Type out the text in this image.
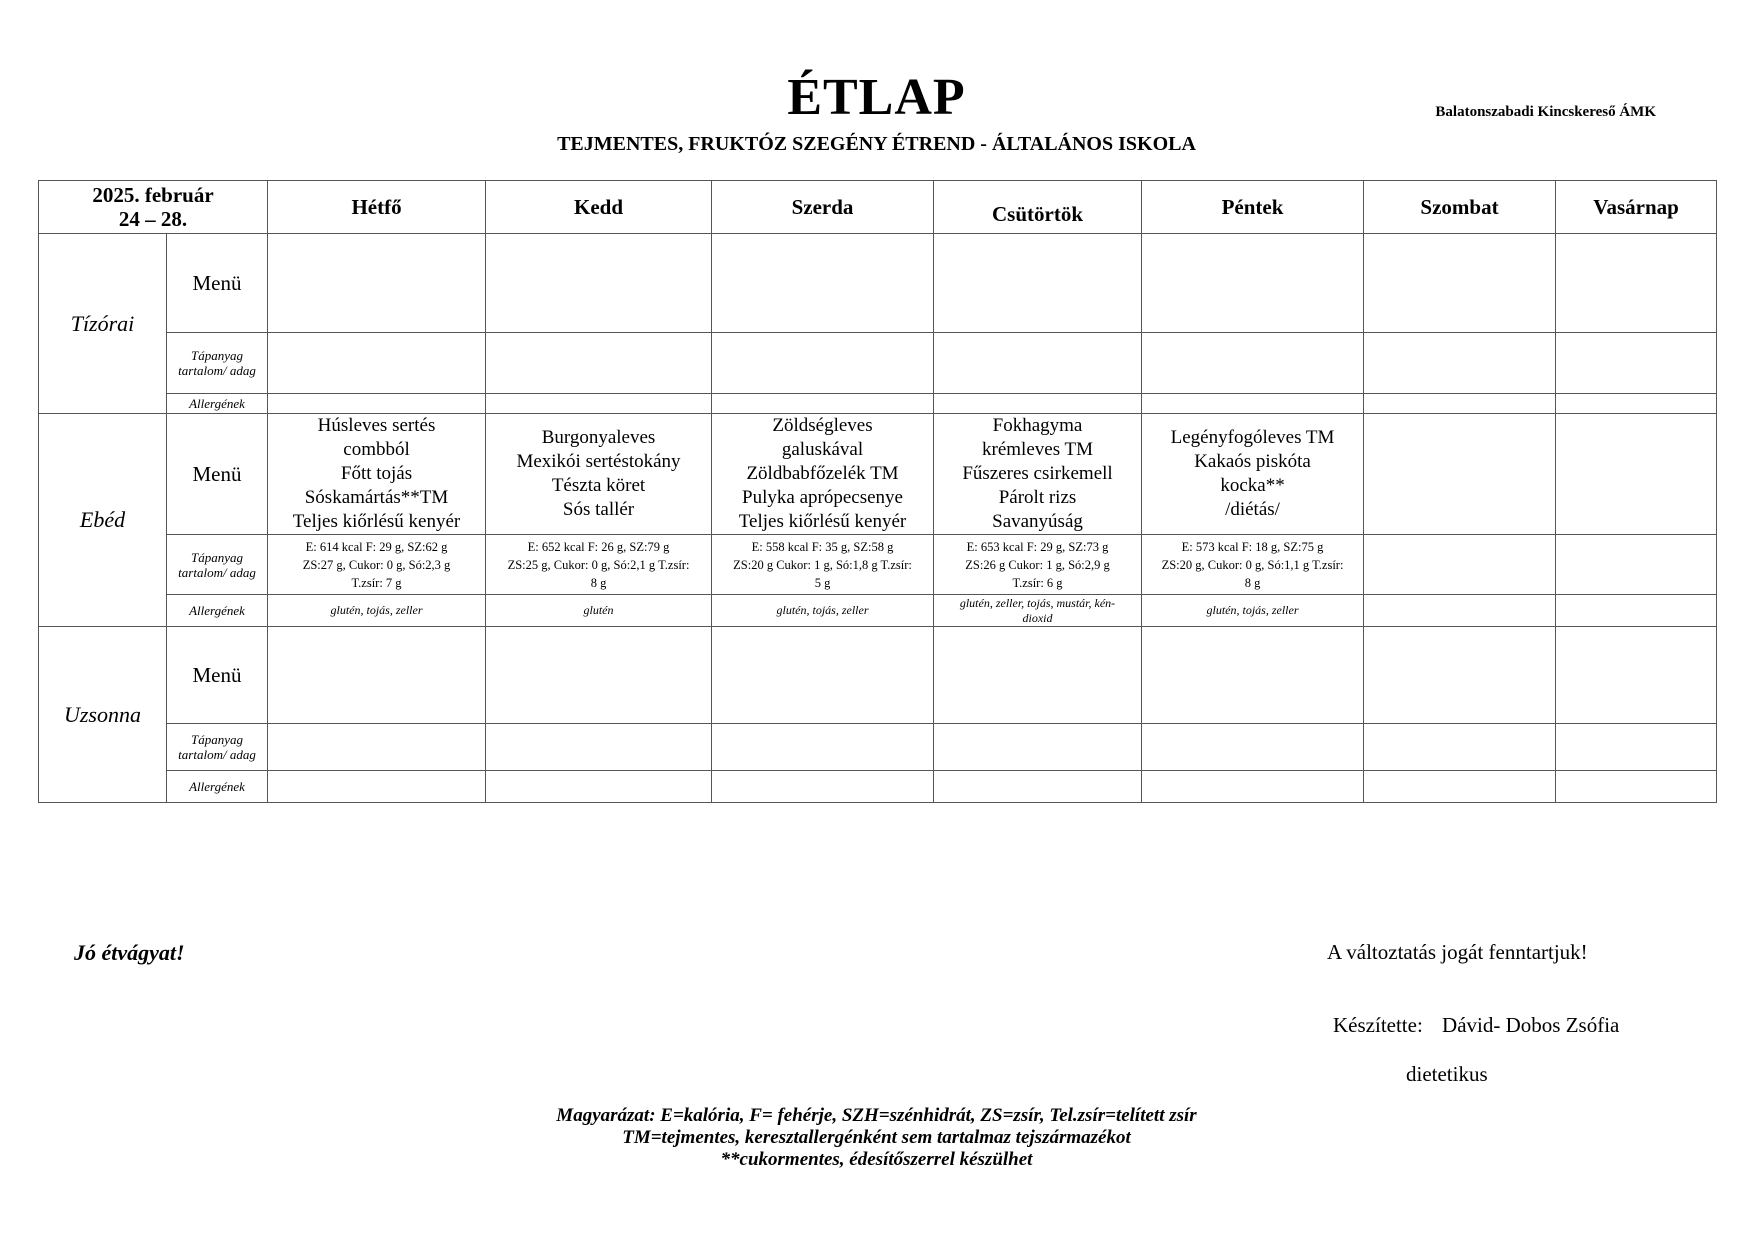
ÉTLAP	Balatonszabadi Kincskereső ÁMK
TEJMENTES, FRUKTÓZ SZEGÉNY ÉTREND - ÁLTALÁNOS ISKOLA
2025. február
24 – 28.		Hétfő	Kedd	Szerda	Csütörtök	Péntek	Szombat	Vasárnap
Tízórai	Menü							
	Tápanyag tartalom/ adag							
	Allergének							
Ebéd	Menü	Húsleves sertés
combból
Főtt tojás
Sóskamártás**TM
Teljes kiőrlésű kenyér	Burgonyaleves
Mexikói sertéstokány
Tészta köret
Sós tallér	Zöldségleves
galuskával
Zöldbabfőzelék TM
Pulyka aprópecsenye
Teljes kiőrlésű kenyér	Fokhagyma
krémleves TM
Fűszeres csirkemell
Párolt rizs
Savanyúság	Legényfogóleves TM
Kakaós piskóta
kocka**
/diétás/		
	Tápanyag tartalom/ adag	E: 614 kcal F: 29 g, SZ:62 g
ZS:27 g, Cukor: 0 g, Só:2,3 g
T.zsír: 7 g	E: 652 kcal F: 26 g, SZ:79 g
ZS:25 g, Cukor: 0 g, Só:2,1 g T.zsír:
8 g	E: 558 kcal F: 35 g, SZ:58 g
ZS:20 g Cukor: 1 g, Só:1,8 g T.zsír:
5 g	E: 653 kcal F: 29 g, SZ:73 g
ZS:26 g Cukor: 1 g, Só:2,9 g
T.zsír: 6 g	E: 573 kcal F: 18 g, SZ:75 g
ZS:20 g, Cukor: 0 g, Só:1,1 g T.zsír:
8 g		
	Allergének	glutén, tojás, zeller	glutén	glutén, tojás, zeller	glutén, zeller, tojás, mustár, kén-
dioxid	glutén, tojás, zeller		
Uzsonna	Menü							
	Tápanyag tartalom/ adag							
	Allergének							
Jó étvágyat!	A változtatás jogát fenntartjuk!
Készítette: Dávid- Dobos Zsófia
dietetikus
Magyarázat: E=kalória, F= fehérje, SZH=szénhidrát, ZS=zsír, Tel.zsír=telített zsír
TM=tejmentes, keresztallergénként sem tartalmaz tejszármazékot
**cukormentes, édesítőszerrel készülhet
